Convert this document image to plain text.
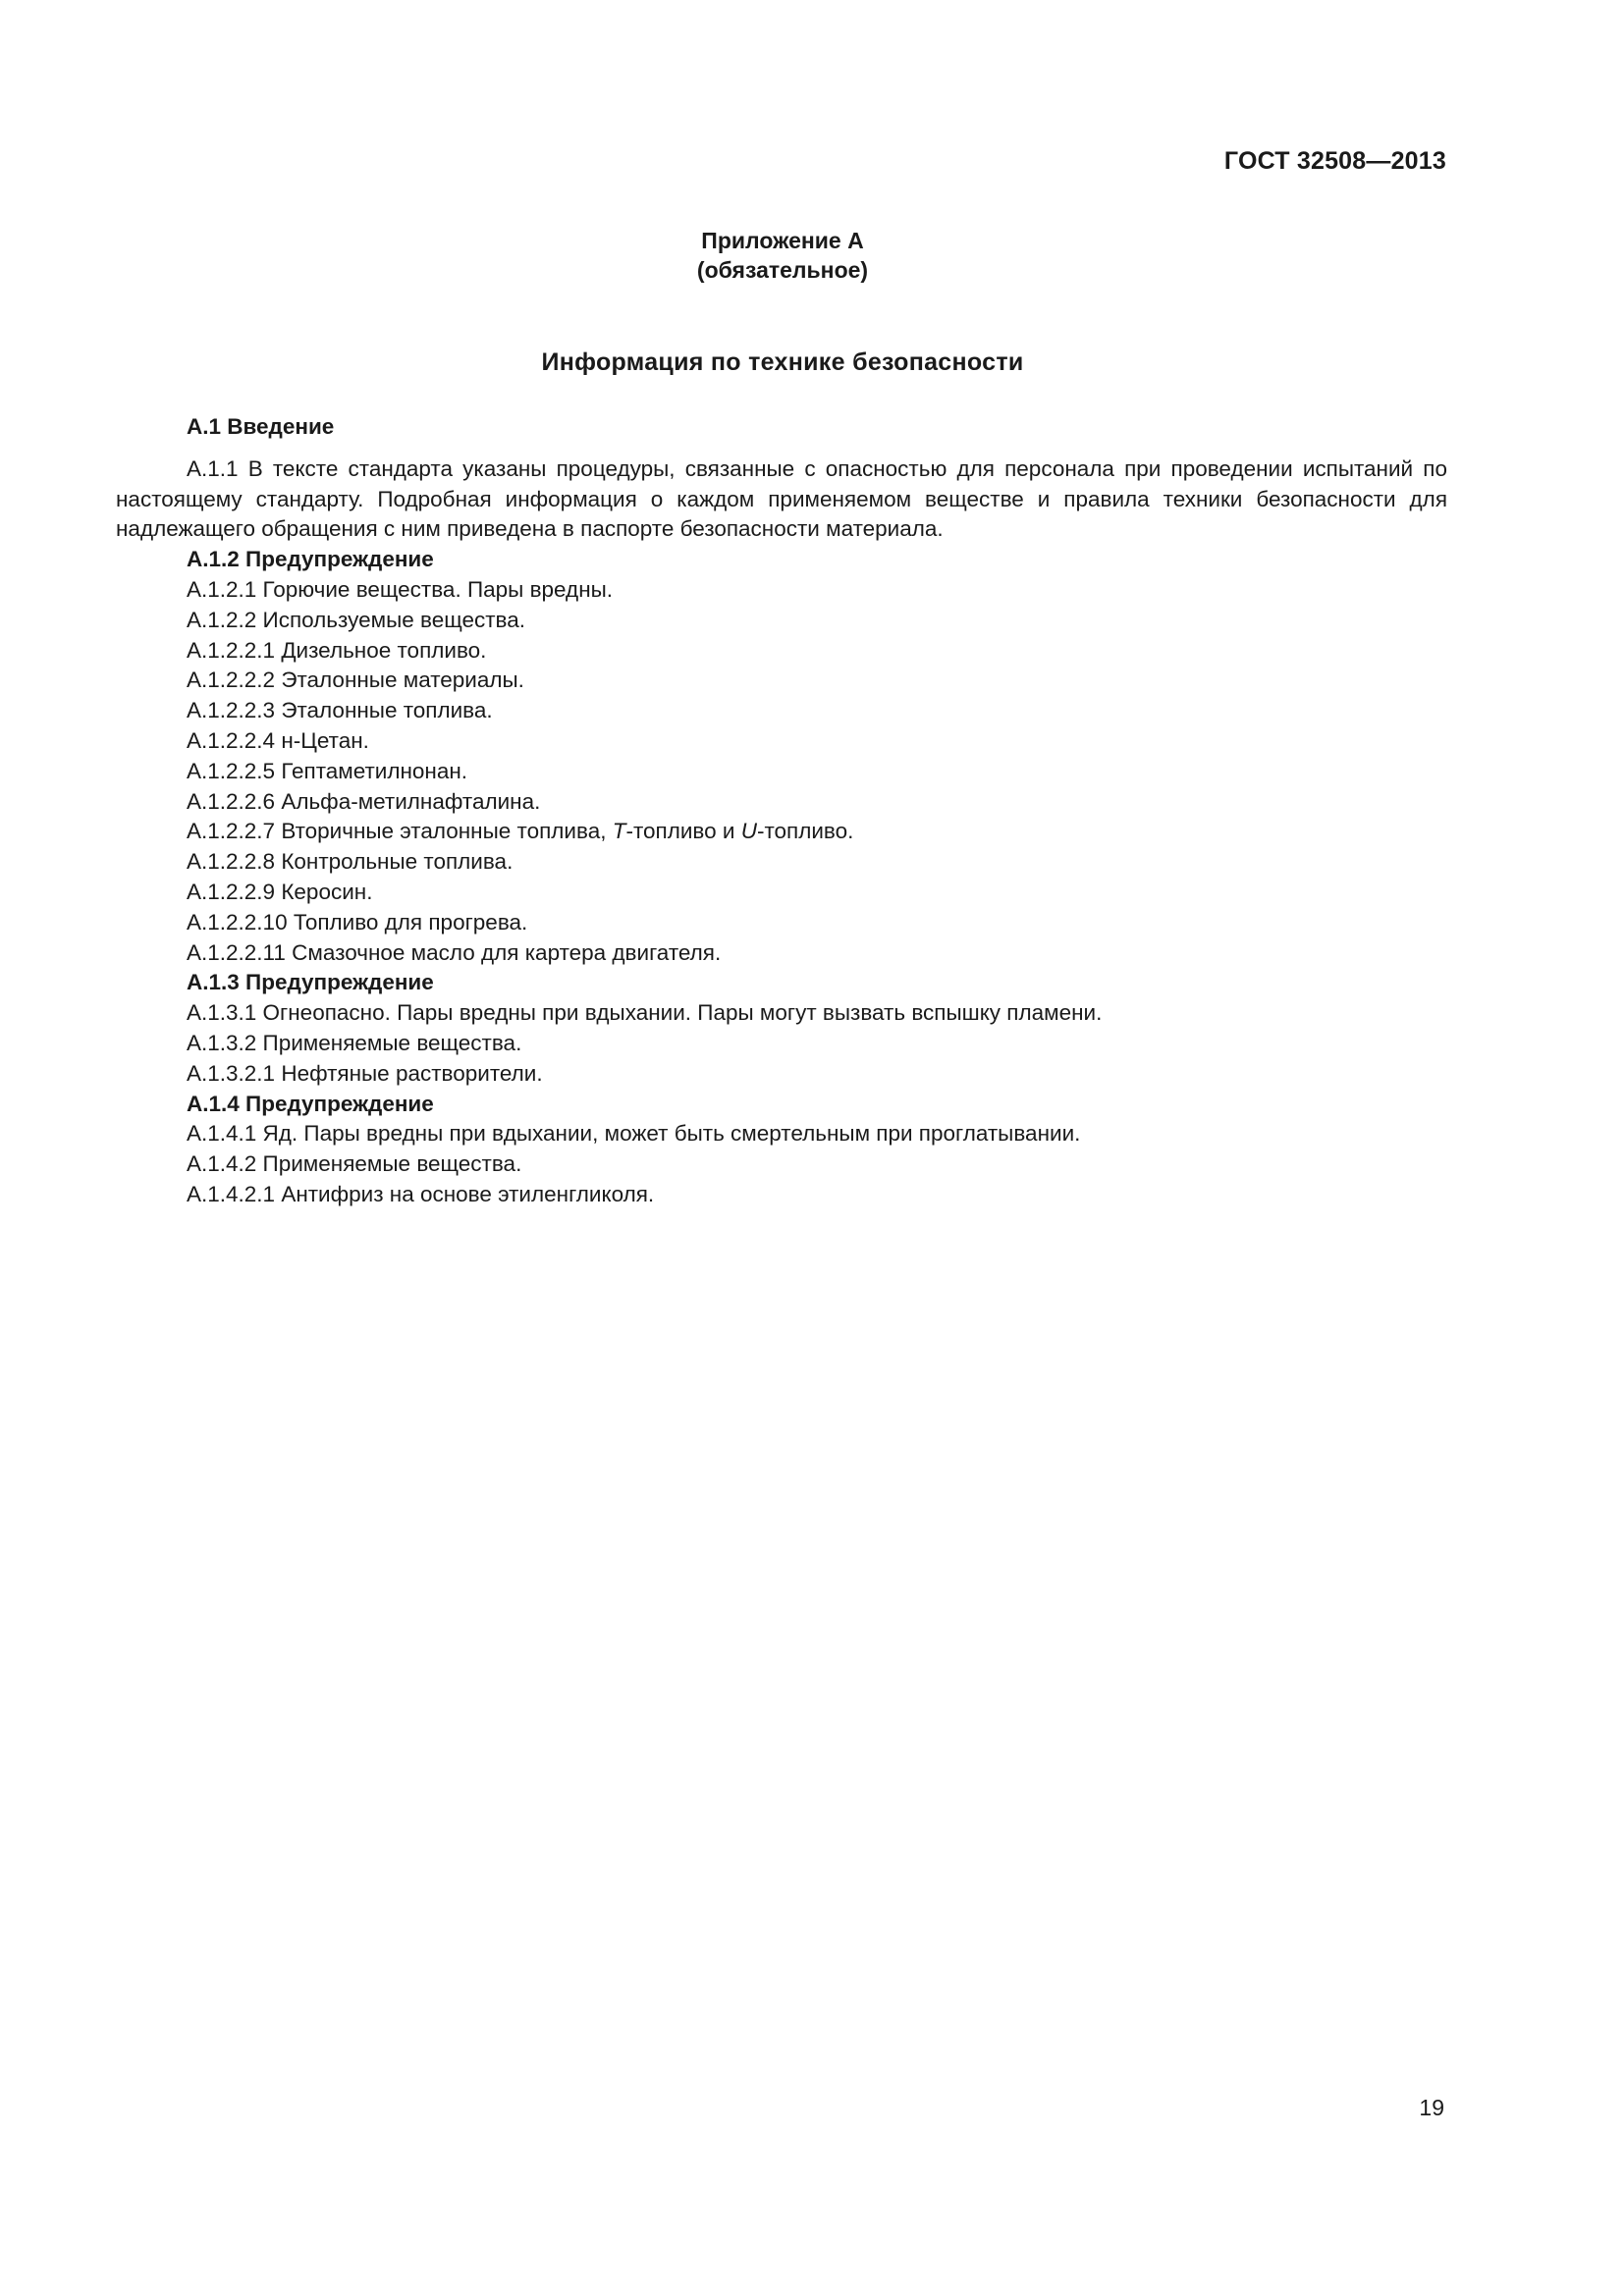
ГОСТ 32508—2013
Приложение А
(обязательное)
Информация по технике безопасности

А.1 Введение

А.1.1 В тексте стандарта указаны процедуры, связанные с опасностью для персонала при проведении испытаний по настоящему стандарту. Подробная информация о каждом применяемом веществе и правила техники безопасности для надлежащего обращения с ним приведена в паспорте безопасности материала.

А.1.2 Предупреждение

А.1.2.1 Горючие вещества. Пары вредны.

А.1.2.2 Используемые вещества.

А.1.2.2.1 Дизельное топливо.

А.1.2.2.2 Эталонные материалы.

А.1.2.2.3 Эталонные топлива.

А.1.2.2.4 н-Цетан.

А.1.2.2.5 Гептаметилнонан.

А.1.2.2.6 Альфа-метилнафталина.

А.1.2.2.7 Вторичные эталонные топлива, T-топливо и U-топливо.

А.1.2.2.8 Контрольные топлива.

А.1.2.2.9 Керосин.

А.1.2.2.10 Топливо для прогрева.

А.1.2.2.11 Смазочное масло для картера двигателя.

А.1.3 Предупреждение

А.1.3.1 Огнеопасно. Пары вредны при вдыхании. Пары могут вызвать вспышку пламени.

А.1.3.2 Применяемые вещества.

А.1.3.2.1 Нефтяные растворители.

А.1.4 Предупреждение

А.1.4.1 Яд. Пары вредны при вдыхании, может быть смертельным при проглатывании.

А.1.4.2 Применяемые вещества.

А.1.4.2.1 Антифриз на основе этиленгликоля.

19
